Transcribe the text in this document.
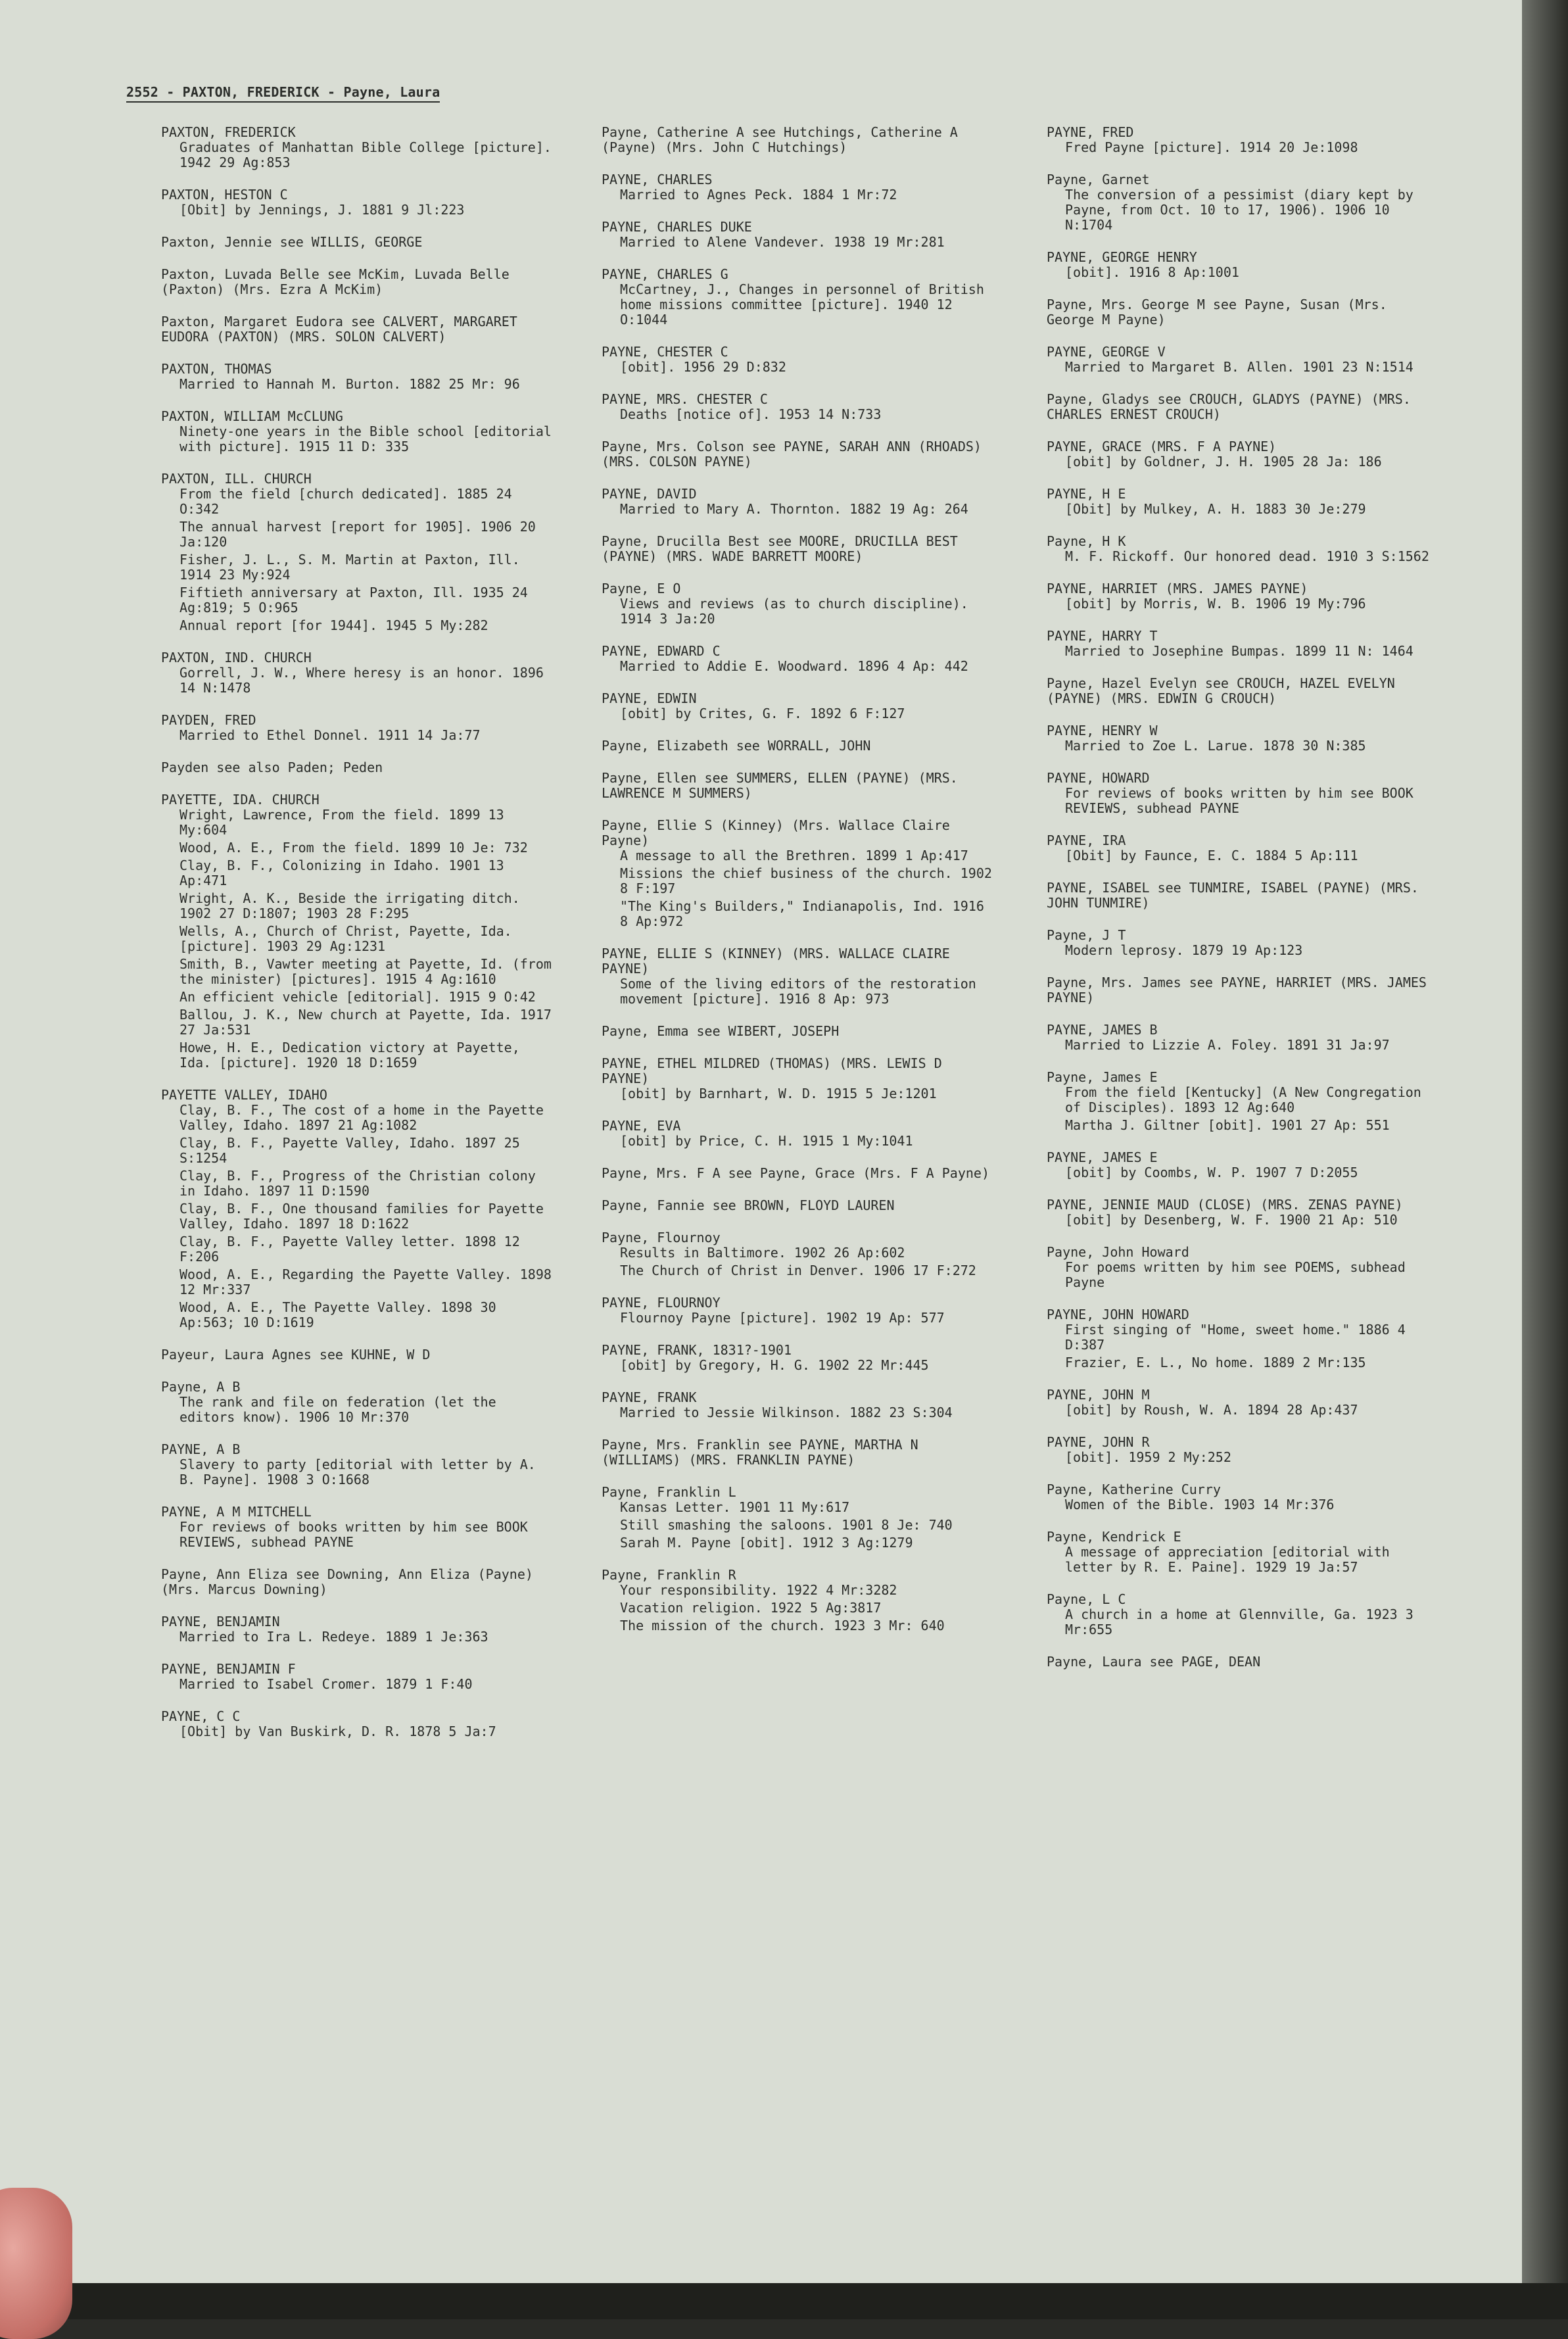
2552 - PAXTON, FREDERICK - Payne, Laura
PAXTON, FREDERICK
Graduates of Manhattan Bible College [picture]. 1942 29 Ag:853
PAXTON, HESTON C
[Obit] by Jennings, J. 1881 9 Jl:223
Paxton, Jennie see WILLIS, GEORGE
Paxton, Luvada Belle see McKim, Luvada Belle (Paxton) (Mrs. Ezra A McKim)
Paxton, Margaret Eudora see CALVERT, MARGARET EUDORA (PAXTON) (MRS. SOLON CALVERT)
PAXTON, THOMAS
Married to Hannah M. Burton. 1882 25 Mr: 96
PAXTON, WILLIAM McCLUNG
Ninety-one years in the Bible school [editorial with picture]. 1915 11 D: 335
PAXTON, ILL. CHURCH
From the field [church dedicated]. 1885 24 O:342
The annual harvest [report for 1905]. 1906 20 Ja:120
Fisher, J. L., S. M. Martin at Paxton, Ill. 1914 23 My:924
Fiftieth anniversary at Paxton, Ill. 1935 24 Ag:819; 5 O:965
Annual report [for 1944]. 1945 5 My:282
PAXTON, IND. CHURCH
Gorrell, J. W., Where heresy is an honor. 1896 14 N:1478
PAYDEN, FRED
Married to Ethel Donnel. 1911 14 Ja:77
Payden see also Paden; Peden
PAYETTE, IDA. CHURCH
Wright, Lawrence, From the field. 1899 13 My:604
Wood, A. E., From the field. 1899 10 Je: 732
Clay, B. F., Colonizing in Idaho. 1901 13 Ap:471
Wright, A. K., Beside the irrigating ditch. 1902 27 D:1807; 1903 28 F:295
Wells, A., Church of Christ, Payette, Ida. [picture]. 1903 29 Ag:1231
Smith, B., Vawter meeting at Payette, Id. (from the minister) [pictures]. 1915 4 Ag:1610
An efficient vehicle [editorial]. 1915 9 O:42
Ballou, J. K., New church at Payette, Ida. 1917 27 Ja:531
Howe, H. E., Dedication victory at Payette, Ida. [picture]. 1920 18 D:1659
PAYETTE VALLEY, IDAHO
Clay, B. F., The cost of a home in the Payette Valley, Idaho. 1897 21 Ag:1082
Clay, B. F., Payette Valley, Idaho. 1897 25 S:1254
Clay, B. F., Progress of the Christian colony in Idaho. 1897 11 D:1590
Clay, B. F., One thousand families for Payette Valley, Idaho. 1897 18 D:1622
Clay, B. F., Payette Valley letter. 1898 12 F:206
Wood, A. E., Regarding the Payette Valley. 1898 12 Mr:337
Wood, A. E., The Payette Valley. 1898 30 Ap:563; 10 D:1619
Payeur, Laura Agnes see KUHNE, W D
Payne, A B
The rank and file on federation (let the editors know). 1906 10 Mr:370
PAYNE, A B
Slavery to party [editorial with letter by A. B. Payne]. 1908 3 O:1668
PAYNE, A M MITCHELL
For reviews of books written by him see BOOK REVIEWS, subhead PAYNE
Payne, Ann Eliza see Downing, Ann Eliza (Payne) (Mrs. Marcus Downing)
PAYNE, BENJAMIN
Married to Ira L. Redeye. 1889 1 Je:363
PAYNE, BENJAMIN F
Married to Isabel Cromer. 1879 1 F:40
PAYNE, C C
[Obit] by Van Buskirk, D. R. 1878 5 Ja:7
Payne, Catherine A see Hutchings, Catherine A (Payne) (Mrs. John C Hutchings)
PAYNE, CHARLES
Married to Agnes Peck. 1884 1 Mr:72
PAYNE, CHARLES DUKE
Married to Alene Vandever. 1938 19 Mr:281
PAYNE, CHARLES G
McCartney, J., Changes in personnel of British home missions committee [picture]. 1940 12 O:1044
PAYNE, CHESTER C
[obit]. 1956 29 D:832
PAYNE, MRS. CHESTER C
Deaths [notice of]. 1953 14 N:733
Payne, Mrs. Colson see PAYNE, SARAH ANN (RHOADS) (MRS. COLSON PAYNE)
PAYNE, DAVID
Married to Mary A. Thornton. 1882 19 Ag: 264
Payne, Drucilla Best see MOORE, DRUCILLA BEST (PAYNE) (MRS. WADE BARRETT MOORE)
Payne, E O
Views and reviews (as to church discipline). 1914 3 Ja:20
PAYNE, EDWARD C
Married to Addie E. Woodward. 1896 4 Ap: 442
PAYNE, EDWIN
[obit] by Crites, G. F. 1892 6 F:127
Payne, Elizabeth see WORRALL, JOHN
Payne, Ellen see SUMMERS, ELLEN (PAYNE) (MRS. LAWRENCE M SUMMERS)
Payne, Ellie S (Kinney) (Mrs. Wallace Claire Payne)
A message to all the Brethren. 1899 1 Ap:417
Missions the chief business of the church. 1902 8 F:197
"The King's Builders," Indianapolis, Ind. 1916 8 Ap:972
PAYNE, ELLIE S (KINNEY) (MRS. WALLACE CLAIRE PAYNE)
Some of the living editors of the restoration movement [picture]. 1916 8 Ap: 973
Payne, Emma see WIBERT, JOSEPH
PAYNE, ETHEL MILDRED (THOMAS) (MRS. LEWIS D PAYNE)
[obit] by Barnhart, W. D. 1915 5 Je:1201
PAYNE, EVA
[obit] by Price, C. H. 1915 1 My:1041
Payne, Mrs. F A see Payne, Grace (Mrs. F A Payne)
Payne, Fannie see BROWN, FLOYD LAUREN
Payne, Flournoy
Results in Baltimore. 1902 26 Ap:602
The Church of Christ in Denver. 1906 17 F:272
PAYNE, FLOURNOY
Flournoy Payne [picture]. 1902 19 Ap: 577
PAYNE, FRANK, 1831?-1901
[obit] by Gregory, H. G. 1902 22 Mr:445
PAYNE, FRANK
Married to Jessie Wilkinson. 1882 23 S:304
Payne, Mrs. Franklin see PAYNE, MARTHA N (WILLIAMS) (MRS. FRANKLIN PAYNE)
Payne, Franklin L
Kansas Letter. 1901 11 My:617
Still smashing the saloons. 1901 8 Je: 740
Sarah M. Payne [obit]. 1912 3 Ag:1279
Payne, Franklin R
Your responsibility. 1922 4 Mr:3282
Vacation religion. 1922 5 Ag:3817
The mission of the church. 1923 3 Mr: 640
PAYNE, FRED
Fred Payne [picture]. 1914 20 Je:1098
Payne, Garnet
The conversion of a pessimist (diary kept by Payne, from Oct. 10 to 17, 1906). 1906 10 N:1704
PAYNE, GEORGE HENRY
[obit]. 1916 8 Ap:1001
Payne, Mrs. George M see Payne, Susan (Mrs. George M Payne)
PAYNE, GEORGE V
Married to Margaret B. Allen. 1901 23 N:1514
Payne, Gladys see CROUCH, GLADYS (PAYNE) (MRS. CHARLES ERNEST CROUCH)
PAYNE, GRACE (MRS. F A PAYNE)
[obit] by Goldner, J. H. 1905 28 Ja: 186
PAYNE, H E
[Obit] by Mulkey, A. H. 1883 30 Je:279
Payne, H K
M. F. Rickoff. Our honored dead. 1910 3 S:1562
PAYNE, HARRIET (MRS. JAMES PAYNE)
[obit] by Morris, W. B. 1906 19 My:796
PAYNE, HARRY T
Married to Josephine Bumpas. 1899 11 N: 1464
Payne, Hazel Evelyn see CROUCH, HAZEL EVELYN (PAYNE) (MRS. EDWIN G CROUCH)
PAYNE, HENRY W
Married to Zoe L. Larue. 1878 30 N:385
PAYNE, HOWARD
For reviews of books written by him see BOOK REVIEWS, subhead PAYNE
PAYNE, IRA
[Obit] by Faunce, E. C. 1884 5 Ap:111
PAYNE, ISABEL see TUNMIRE, ISABEL (PAYNE) (MRS. JOHN TUNMIRE)
Payne, J T
Modern leprosy. 1879 19 Ap:123
Payne, Mrs. James see PAYNE, HARRIET (MRS. JAMES PAYNE)
PAYNE, JAMES B
Married to Lizzie A. Foley. 1891 31 Ja:97
Payne, James E
From the field [Kentucky] (A New Congregation of Disciples). 1893 12 Ag:640
Martha J. Giltner [obit]. 1901 27 Ap: 551
PAYNE, JAMES E
[obit] by Coombs, W. P. 1907 7 D:2055
PAYNE, JENNIE MAUD (CLOSE) (MRS. ZENAS PAYNE)
[obit] by Desenberg, W. F. 1900 21 Ap: 510
Payne, John Howard
For poems written by him see POEMS, subhead Payne
PAYNE, JOHN HOWARD
First singing of "Home, sweet home." 1886 4 D:387
Frazier, E. L., No home. 1889 2 Mr:135
PAYNE, JOHN M
[obit] by Roush, W. A. 1894 28 Ap:437
PAYNE, JOHN R
[obit]. 1959 2 My:252
Payne, Katherine Curry
Women of the Bible. 1903 14 Mr:376
Payne, Kendrick E
A message of appreciation [editorial with letter by R. E. Paine]. 1929 19 Ja:57
Payne, L C
A church in a home at Glennville, Ga. 1923 3 Mr:655
Payne, Laura see PAGE, DEAN
